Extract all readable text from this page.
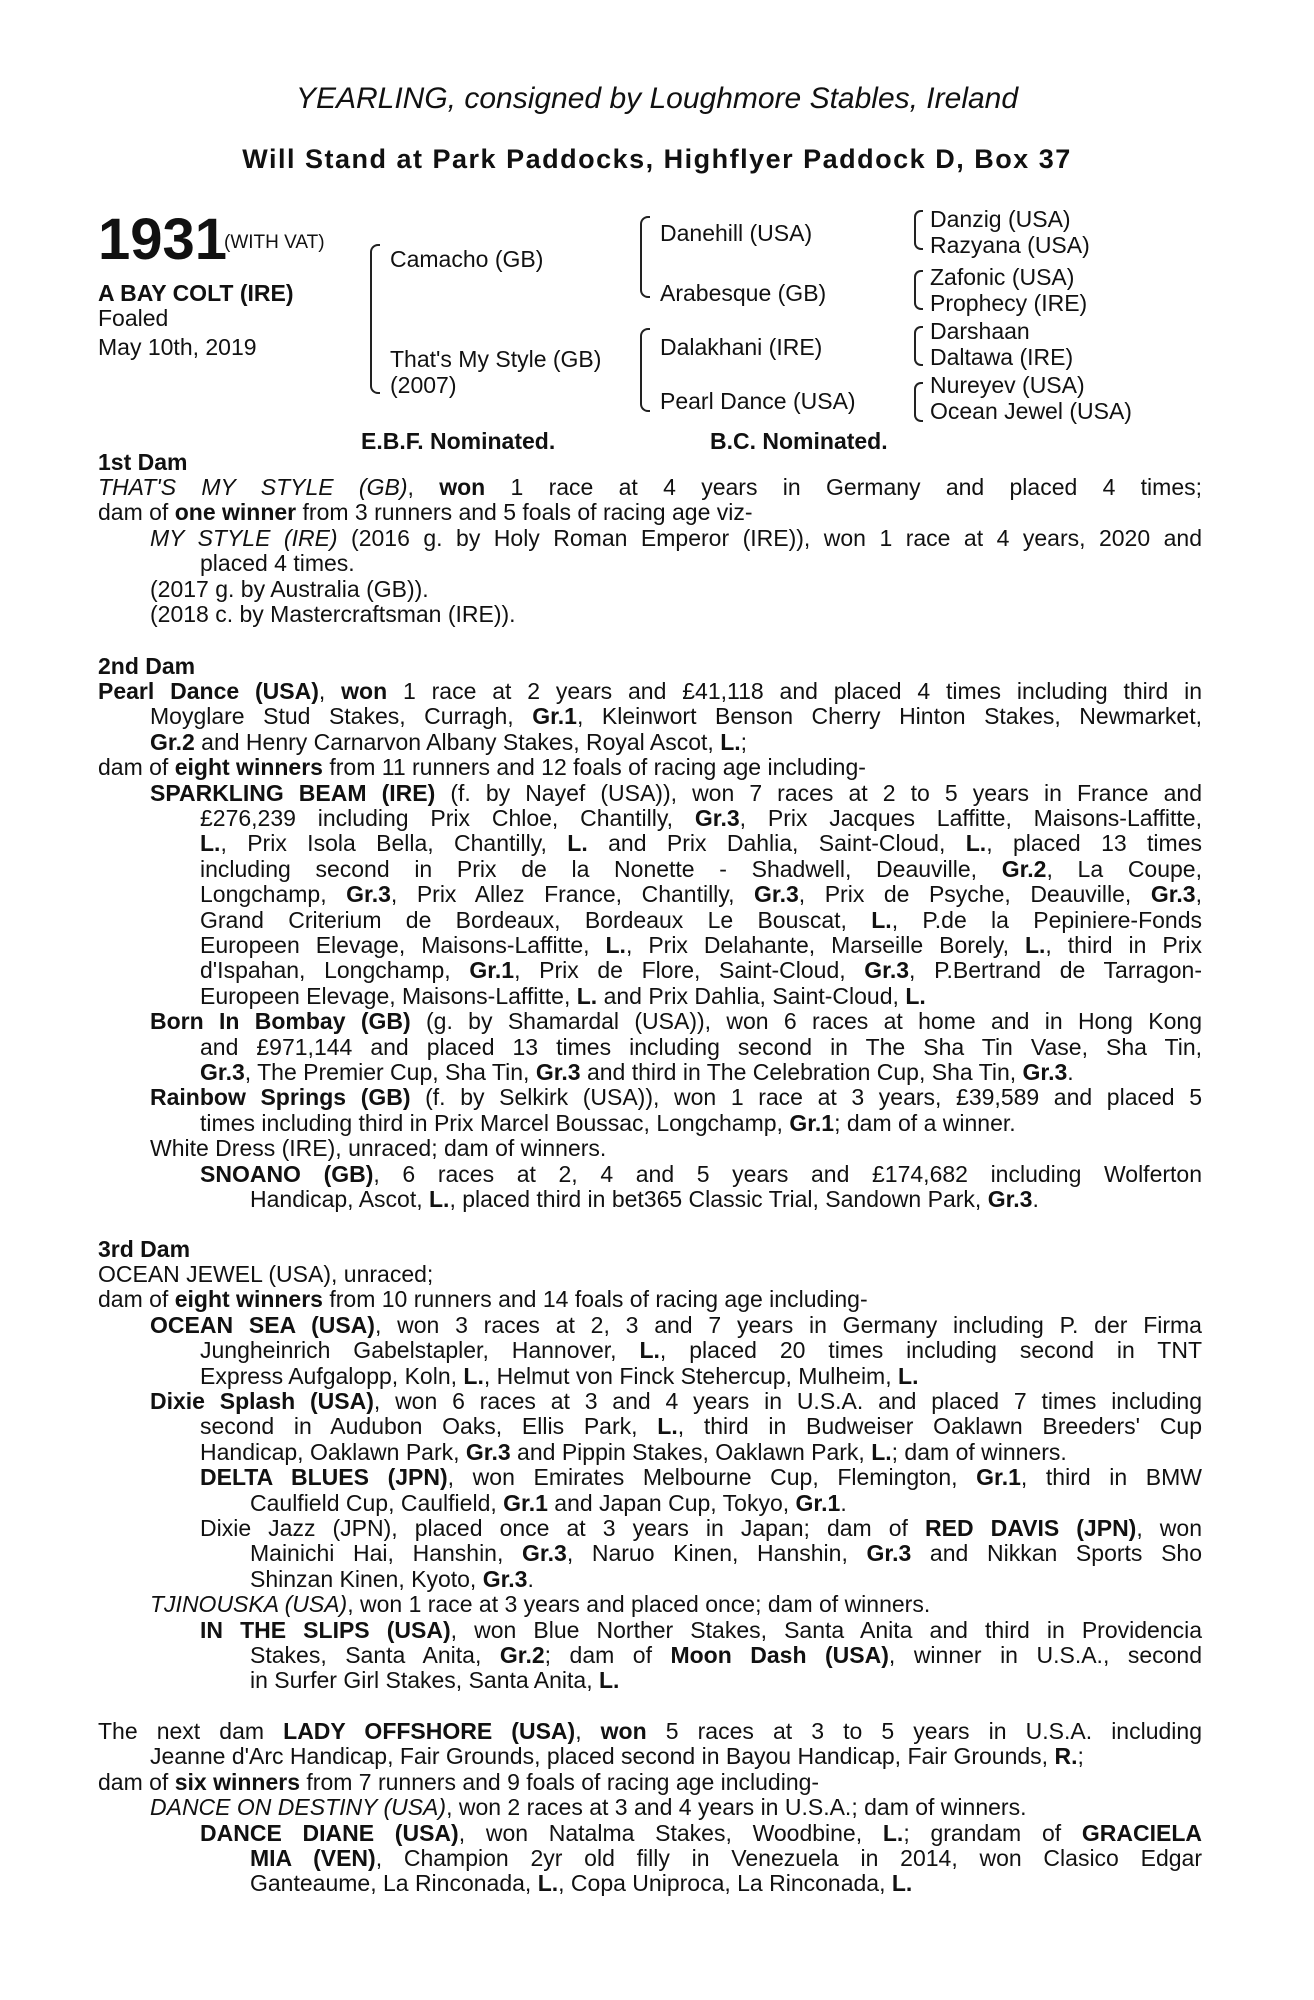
YEARLING, consigned by Loughmore Stables, Ireland
Will Stand at Park Paddocks, Highflyer Paddock D, Box 37
1931
(WITH VAT)
A BAY COLT (IRE)
Foaled
May 10th, 2019
Camacho (GB)
That's My Style (GB)
(2007)
Danehill (USA)
Arabesque (GB)
Dalakhani (IRE)
Pearl Dance (USA)
Danzig (USA)
Razyana (USA)
Zafonic (USA)
Prophecy (IRE)
Darshaan
Daltawa (IRE)
Nureyev (USA)
Ocean Jewel (USA)
E.B.F. Nominated.	B.C. Nominated.
1st Dam
THAT'S MY STYLE (GB), won 1 race at 4 years in Germany and placed 4 times;
dam of one winner from 3 runners and 5 foals of racing age viz-
MY STYLE (IRE) (2016 g. by Holy Roman Emperor (IRE)), won 1 race at 4 years, 2020 and
placed 4 times.
(2017 g. by Australia (GB)).
(2018 c. by Mastercraftsman (IRE)).
2nd Dam
Pearl Dance (USA), won 1 race at 2 years and £41,118 and placed 4 times including third in
Moyglare Stud Stakes, Curragh, Gr.1, Kleinwort Benson Cherry Hinton Stakes, Newmarket,
Gr.2 and Henry Carnarvon Albany Stakes, Royal Ascot, L.;
dam of eight winners from 11 runners and 12 foals of racing age including-
SPARKLING BEAM (IRE) (f. by Nayef (USA)), won 7 races at 2 to 5 years in France and
£276,239 including Prix Chloe, Chantilly, Gr.3, Prix Jacques Laffitte, Maisons-Laffitte,
L., Prix Isola Bella, Chantilly, L. and Prix Dahlia, Saint-Cloud, L., placed 13 times
including second in Prix de la Nonette - Shadwell, Deauville, Gr.2, La Coupe,
Longchamp, Gr.3, Prix Allez France, Chantilly, Gr.3, Prix de Psyche, Deauville, Gr.3,
Grand Criterium de Bordeaux, Bordeaux Le Bouscat, L., P.de la Pepiniere-Fonds
Europeen Elevage, Maisons-Laffitte, L., Prix Delahante, Marseille Borely, L., third in Prix
d'Ispahan, Longchamp, Gr.1, Prix de Flore, Saint-Cloud, Gr.3, P.Bertrand de Tarragon-
Europeen Elevage, Maisons-Laffitte, L. and Prix Dahlia, Saint-Cloud, L.
Born In Bombay (GB) (g. by Shamardal (USA)), won 6 races at home and in Hong Kong
and £971,144 and placed 13 times including second in The Sha Tin Vase, Sha Tin,
Gr.3, The Premier Cup, Sha Tin, Gr.3 and third in The Celebration Cup, Sha Tin, Gr.3.
Rainbow Springs (GB) (f. by Selkirk (USA)), won 1 race at 3 years, £39,589 and placed 5
times including third in Prix Marcel Boussac, Longchamp, Gr.1; dam of a winner.
White Dress (IRE), unraced; dam of winners.
SNOANO (GB), 6 races at 2, 4 and 5 years and £174,682 including Wolferton
Handicap, Ascot, L., placed third in bet365 Classic Trial, Sandown Park, Gr.3.
3rd Dam
OCEAN JEWEL (USA), unraced;
dam of eight winners from 10 runners and 14 foals of racing age including-
OCEAN SEA (USA), won 3 races at 2, 3 and 7 years in Germany including P. der Firma
Jungheinrich Gabelstapler, Hannover, L., placed 20 times including second in TNT
Express Aufgalopp, Koln, L., Helmut von Finck Stehercup, Mulheim, L.
Dixie Splash (USA), won 6 races at 3 and 4 years in U.S.A. and placed 7 times including
second in Audubon Oaks, Ellis Park, L., third in Budweiser Oaklawn Breeders' Cup
Handicap, Oaklawn Park, Gr.3 and Pippin Stakes, Oaklawn Park, L.; dam of winners.
DELTA BLUES (JPN), won Emirates Melbourne Cup, Flemington, Gr.1, third in BMW
Caulfield Cup, Caulfield, Gr.1 and Japan Cup, Tokyo, Gr.1.
Dixie Jazz (JPN), placed once at 3 years in Japan; dam of RED DAVIS (JPN), won
Mainichi Hai, Hanshin, Gr.3, Naruo Kinen, Hanshin, Gr.3 and Nikkan Sports Sho
Shinzan Kinen, Kyoto, Gr.3.
TJINOUSKA (USA), won 1 race at 3 years and placed once; dam of winners.
IN THE SLIPS (USA), won Blue Norther Stakes, Santa Anita and third in Providencia
Stakes, Santa Anita, Gr.2; dam of Moon Dash (USA), winner in U.S.A., second
in Surfer Girl Stakes, Santa Anita, L.
The next dam LADY OFFSHORE (USA), won 5 races at 3 to 5 years in U.S.A. including
Jeanne d'Arc Handicap, Fair Grounds, placed second in Bayou Handicap, Fair Grounds, R.;
dam of six winners from 7 runners and 9 foals of racing age including-
DANCE ON DESTINY (USA), won 2 races at 3 and 4 years in U.S.A.; dam of winners.
DANCE DIANE (USA), won Natalma Stakes, Woodbine, L.; grandam of GRACIELA
MIA (VEN), Champion 2yr old filly in Venezuela in 2014, won Clasico Edgar
Ganteaume, La Rinconada, L., Copa Uniproca, La Rinconada, L.
